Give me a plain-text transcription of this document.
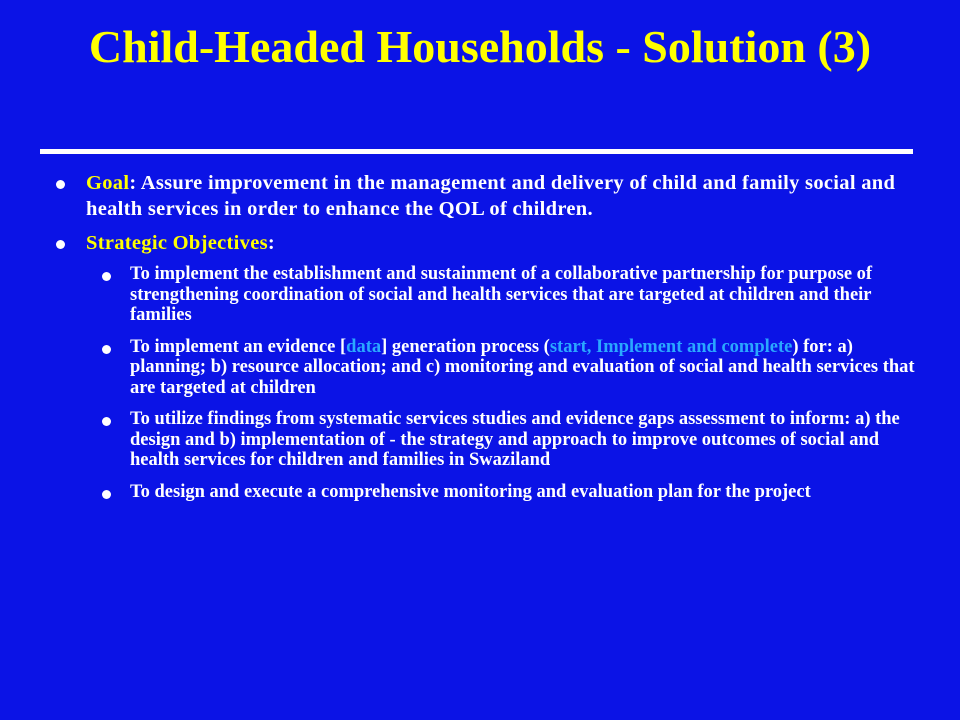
Child-Headed Households - Solution (3)
Goal: Assure improvement in the management and delivery of child and family social and health services in order to enhance the QOL of children.
Strategic Objectives:
To implement the establishment and sustainment of a collaborative partnership for purpose of strengthening coordination of social and health services that are targeted at children and their families
To implement an evidence [data] generation process (start, Implement and complete) for: a) planning; b) resource allocation; and c) monitoring and evaluation of social and health services that are targeted at children
To utilize findings from systematic services studies and evidence gaps assessment to inform: a) the design and b) implementation of - the strategy and approach to improve outcomes of social and health services for children and families in Swaziland
To design and execute a comprehensive monitoring and evaluation plan for the project
